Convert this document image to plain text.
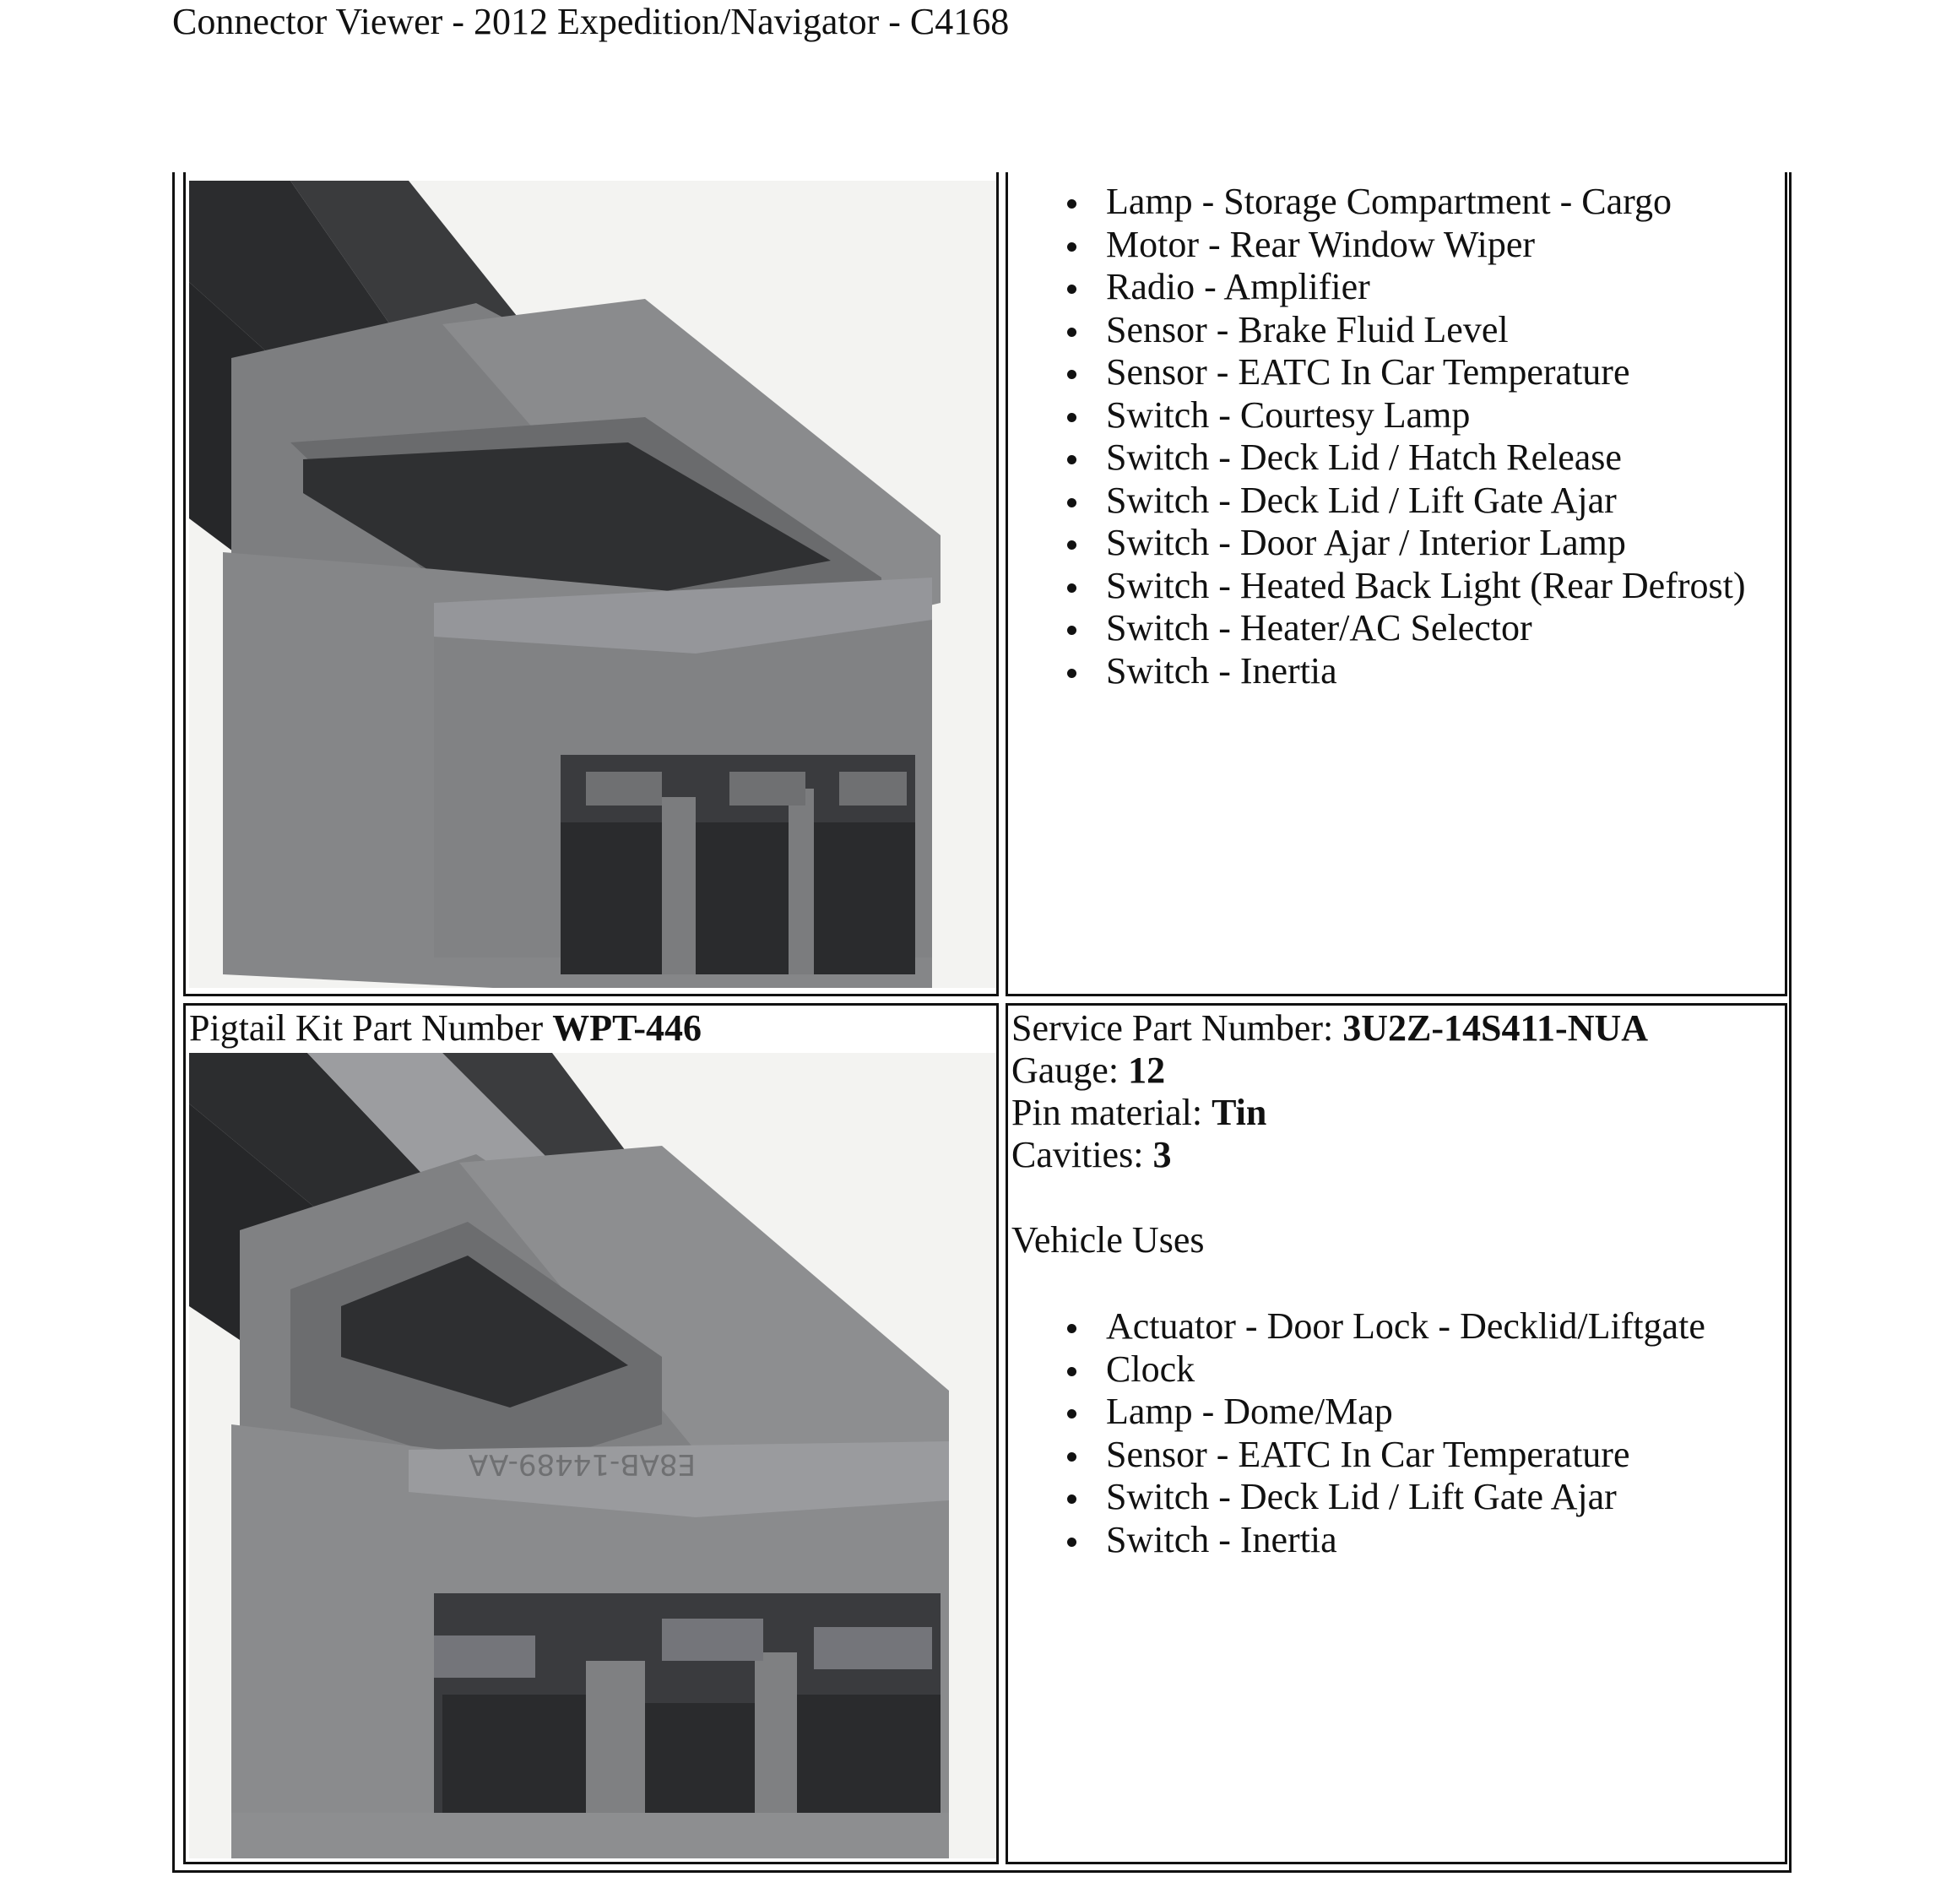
Connector Viewer - 2012 Expedition/Navigator - C4168
Lamp - Storage Compartment - Cargo
Motor - Rear Window Wiper
Radio - Amplifier
Sensor - Brake Fluid Level
Sensor - EATC In Car Temperature
Switch - Courtesy Lamp
Switch - Deck Lid / Hatch Release
Switch - Deck Lid / Lift Gate Ajar
Switch - Door Ajar / Interior Lamp
Switch - Heated Back Light (Rear Defrost)
Switch - Heater/AC Selector
Switch - Inertia
Pigtail Kit Part Number WPT-446
E8AB-14489-AA
Service Part Number: 3U2Z-14S411-NUA
Gauge: 12
Pin material: Tin
Cavities: 3
Vehicle Uses
Actuator - Door Lock - Decklid/Liftgate
Clock
Lamp - Dome/Map
Sensor - EATC In Car Temperature
Switch - Deck Lid / Lift Gate Ajar
Switch - Inertia
